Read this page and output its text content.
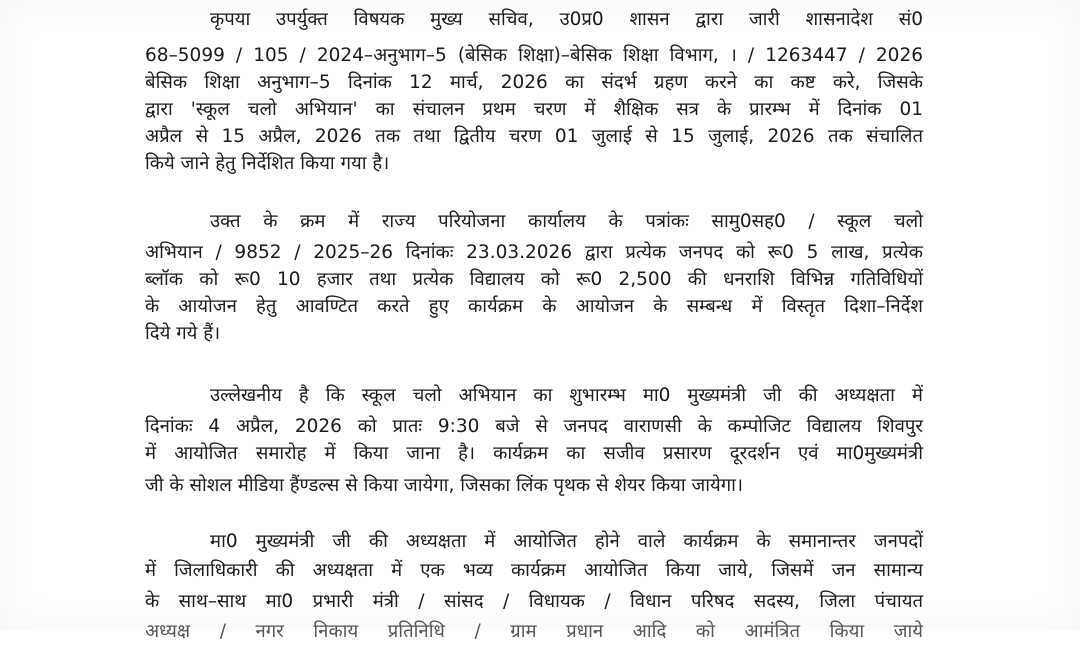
कृपया उपर्युक्त विषयक मुख्य सचिव, उ0प्र0 शासन द्वारा जारी शासनादेश सं0
68–5099 / 105 / 2024–अनुभाग–5 (बेसिक शिक्षा)–बेसिक शिक्षा विभाग, । / 1263447 / 2026
बेसिक शिक्षा अनुभाग–5 दिनांक 12 मार्च, 2026 का संदर्भ ग्रहण करने का कष्ट करे, जिसके
द्वारा 'स्कूल चलो अभियान' का संचालन प्रथम चरण में शैक्षिक सत्र के प्रारम्भ में दिनांक 01
अप्रैल से 15 अप्रैल, 2026 तक तथा द्वितीय चरण 01 जुलाई से 15 जुलाई, 2026 तक संचालित
किये जाने हेतु निर्देशित किया गया है।
उक्त के क्रम में राज्य परियोजना कार्यालय के पत्रांकः सामु0सह0 / स्कूल चलो
अभियान / 9852 / 2025–26 दिनांकः 23.03.2026 द्वारा प्रत्येक जनपद को रू0 5 लाख, प्रत्येक
ब्लॉक को रू0 10 हजार तथा प्रत्येक विद्यालय को रू0 2,500 की धनराशि विभिन्न गतिविधियों
के आयोजन हेतु आवण्टित करते हुए कार्यक्रम के आयोजन के सम्बन्ध में विस्तृत दिशा–निर्देश
दिये गये हैं।
उल्लेखनीय है कि स्कूल चलो अभियान का शुभारम्भ मा0 मुख्यमंत्री जी की अध्यक्षता में
दिनांकः 4 अप्रैल, 2026 को प्रातः 9:30 बजे से जनपद वाराणसी के कम्पोजिट विद्यालय शिवपुर
में आयोजित समारोह में किया जाना है। कार्यक्रम का सजीव प्रसारण दूरदर्शन एवं मा0मुख्यमंत्री
जी के सोशल मीडिया हैंण्डल्स से किया जायेगा, जिसका लिंक पृथक से शेयर किया जायेगा।
मा0 मुख्यमंत्री जी की अध्यक्षता में आयोजित होने वाले कार्यक्रम के समानान्तर जनपदों
में जिलाधिकारी की अध्यक्षता में एक भव्य कार्यक्रम आयोजित किया जाये, जिसमें जन सामान्य
के साथ–साथ मा0 प्रभारी मंत्री / सांसद / विधायक / विधान परिषद सदस्य, जिला पंचायत
अध्यक्ष / नगर निकाय प्रतिनिधि / ग्राम प्रधान आदि को आमंत्रित किया जाये
